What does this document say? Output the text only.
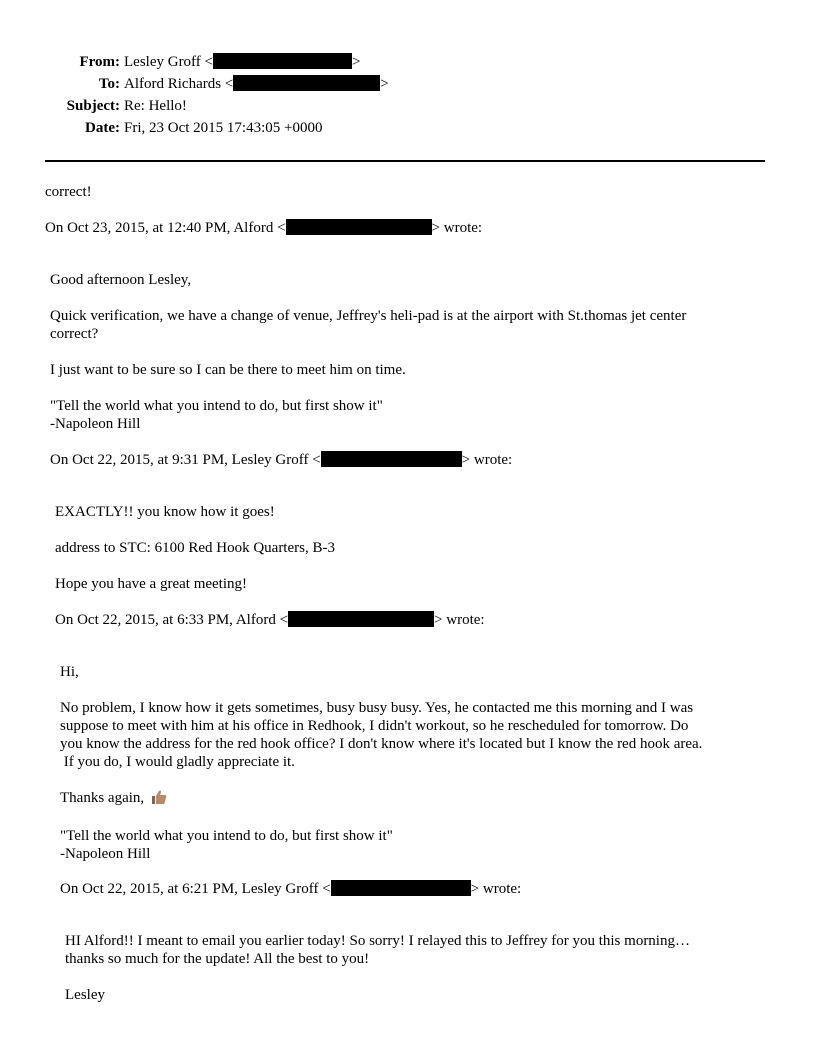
From: Lesley Groff <	>
To: Alford Richards <	>
Subject: Re: Hello!
Date: Fri, 23 Oct 2015 17:43:05 +0000
correct!
On Oct 23, 2015, at 12:40 PM, Alford <	> wrote:
Good afternoon Lesley,
Quick verification, we have a change of venue, Jeffrey's heli-pad is at the airport with St.thomas jet center
correct?
I just want to be sure so I can be there to meet him on time.
"Tell the world what you intend to do, but first show it"
-Napoleon Hill
On Oct 22, 2015, at 9:31 PM, Lesley Groff <	> wrote:
EXACTLY!! you know how it goes!
address to STC: 6100 Red Hook Quarters, B-3
Hope you have a great meeting!
On Oct 22, 2015, at 6:33 PM, Alford <	> wrote:
Hi,
No problem, I know how it gets sometimes, busy busy busy. Yes, he contacted me this morning and I was
suppose to meet with him at his office in Redhook, I didn't workout, so he rescheduled for tomorrow. Do
you know the address for the red hook office? I don't know where it's located but I know the red hook area.
If you do, I would gladly appreciate it.
Thanks again,
"Tell the world what you intend to do, but first show it"
-Napoleon Hill
On Oct 22, 2015, at 6:21 PM, Lesley Groff <	> wrote:
HI Alford!! I meant to email you earlier today! So sorry! I relayed this to Jeffrey for you this morning…
thanks so much for the update! All the best to you!
Lesley
